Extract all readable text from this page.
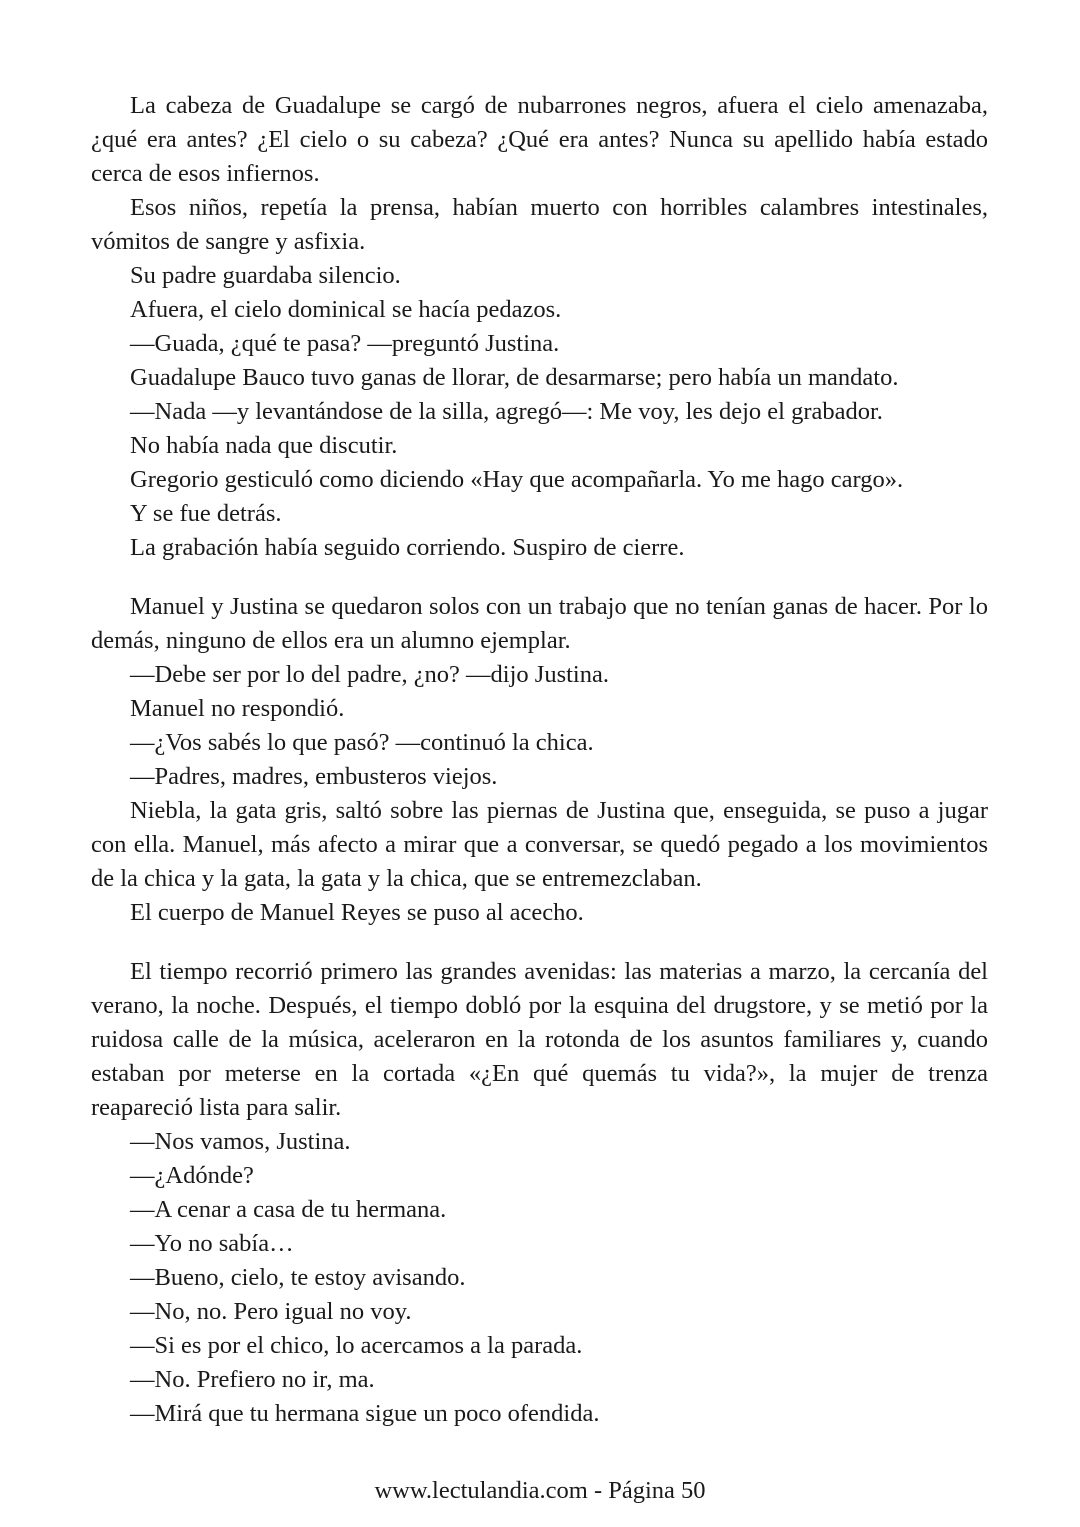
La cabeza de Guadalupe se cargó de nubarrones negros, afuera el cielo amenazaba, ¿qué era antes? ¿El cielo o su cabeza? ¿Qué era antes? Nunca su apellido había estado cerca de esos infiernos.

Esos niños, repetía la prensa, habían muerto con horribles calambres intestinales, vómitos de sangre y asfixia.

Su padre guardaba silencio.

Afuera, el cielo dominical se hacía pedazos.

—Guada, ¿qué te pasa? —preguntó Justina.

Guadalupe Bauco tuvo ganas de llorar, de desarmarse; pero había un mandato.

—Nada —y levantándose de la silla, agregó—: Me voy, les dejo el grabador.

No había nada que discutir.

Gregorio gesticuló como diciendo «Hay que acompañarla. Yo me hago cargo».

Y se fue detrás.

La grabación había seguido corriendo. Suspiro de cierre.

Manuel y Justina se quedaron solos con un trabajo que no tenían ganas de hacer. Por lo demás, ninguno de ellos era un alumno ejemplar.

—Debe ser por lo del padre, ¿no? —dijo Justina.

Manuel no respondió.

—¿Vos sabés lo que pasó? —continuó la chica.

—Padres, madres, embusteros viejos.

Niebla, la gata gris, saltó sobre las piernas de Justina que, enseguida, se puso a jugar con ella. Manuel, más afecto a mirar que a conversar, se quedó pegado a los movimientos de la chica y la gata, la gata y la chica, que se entremezclaban.

El cuerpo de Manuel Reyes se puso al acecho.

El tiempo recorrió primero las grandes avenidas: las materias a marzo, la cercanía del verano, la noche. Después, el tiempo dobló por la esquina del drugstore, y se metió por la ruidosa calle de la música, aceleraron en la rotonda de los asuntos familiares y, cuando estaban por meterse en la cortada «¿En qué quemás tu vida?», la mujer de trenza reapareció lista para salir.

—Nos vamos, Justina.

—¿Adónde?

—A cenar a casa de tu hermana.

—Yo no sabía…

—Bueno, cielo, te estoy avisando.

—No, no. Pero igual no voy.

—Si es por el chico, lo acercamos a la parada.

—No. Prefiero no ir, ma.

—Mirá que tu hermana sigue un poco ofendida.

www.lectulandia.com - Página 50
